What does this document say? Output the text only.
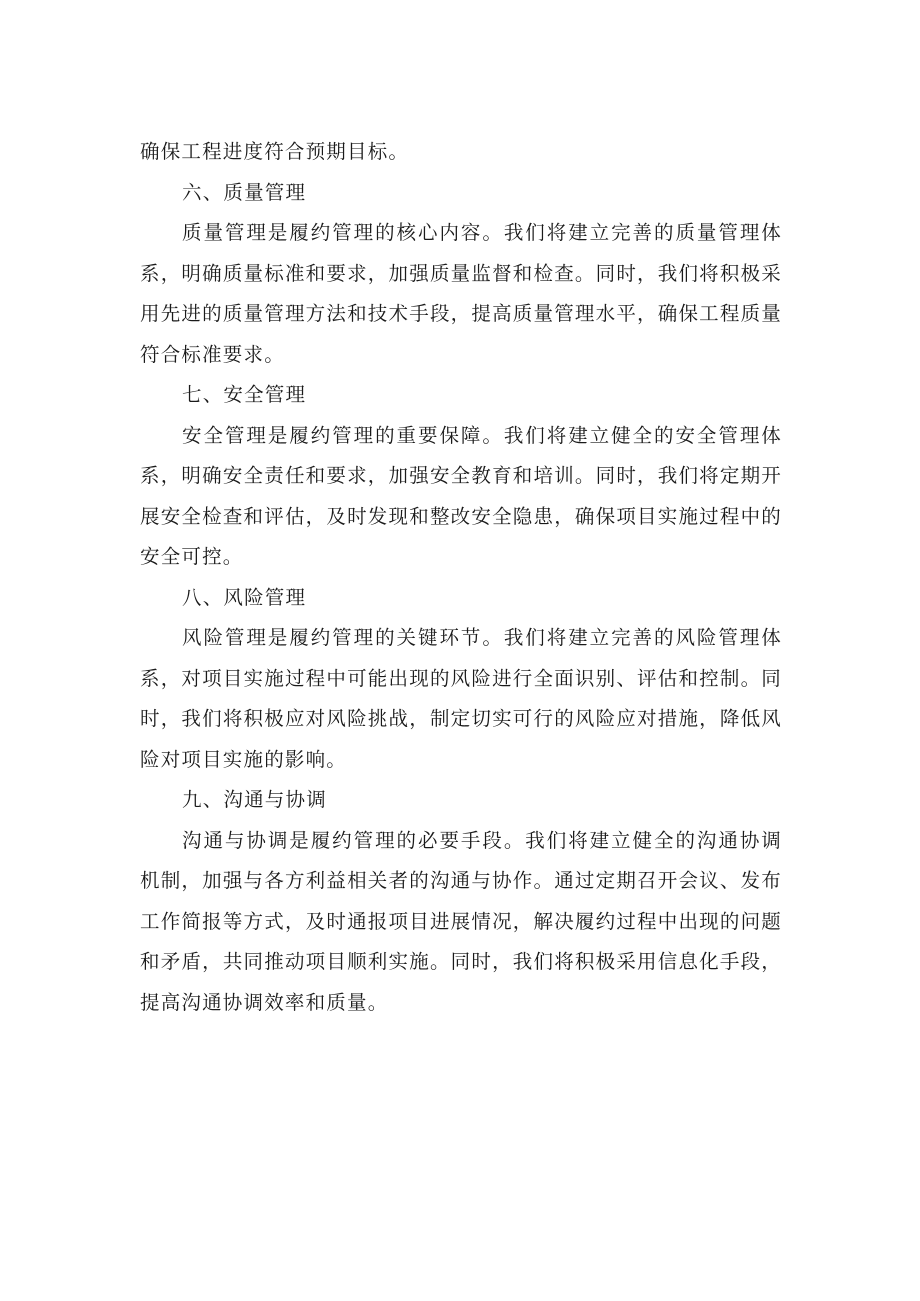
确保工程进度符合预期目标。

六、质量管理

质量管理是履约管理的核心内容。我们将建立完善的质量管理体系，明确质量标准和要求，加强质量监督和检查。同时，我们将积极采用先进的质量管理方法和技术手段，提高质量管理水平，确保工程质量符合标准要求。

七、安全管理

安全管理是履约管理的重要保障。我们将建立健全的安全管理体系，明确安全责任和要求，加强安全教育和培训。同时，我们将定期开展安全检查和评估，及时发现和整改安全隐患，确保项目实施过程中的安全可控。

八、风险管理

风险管理是履约管理的关键环节。我们将建立完善的风险管理体系，对项目实施过程中可能出现的风险进行全面识别、评估和控制。同时，我们将积极应对风险挑战，制定切实可行的风险应对措施，降低风险对项目实施的影响。

九、沟通与协调

沟通与协调是履约管理的必要手段。我们将建立健全的沟通协调机制，加强与各方利益相关者的沟通与协作。通过定期召开会议、发布工作简报等方式，及时通报项目进展情况，解决履约过程中出现的问题和矛盾，共同推动项目顺利实施。同时，我们将积极采用信息化手段，提高沟通协调效率和质量。
